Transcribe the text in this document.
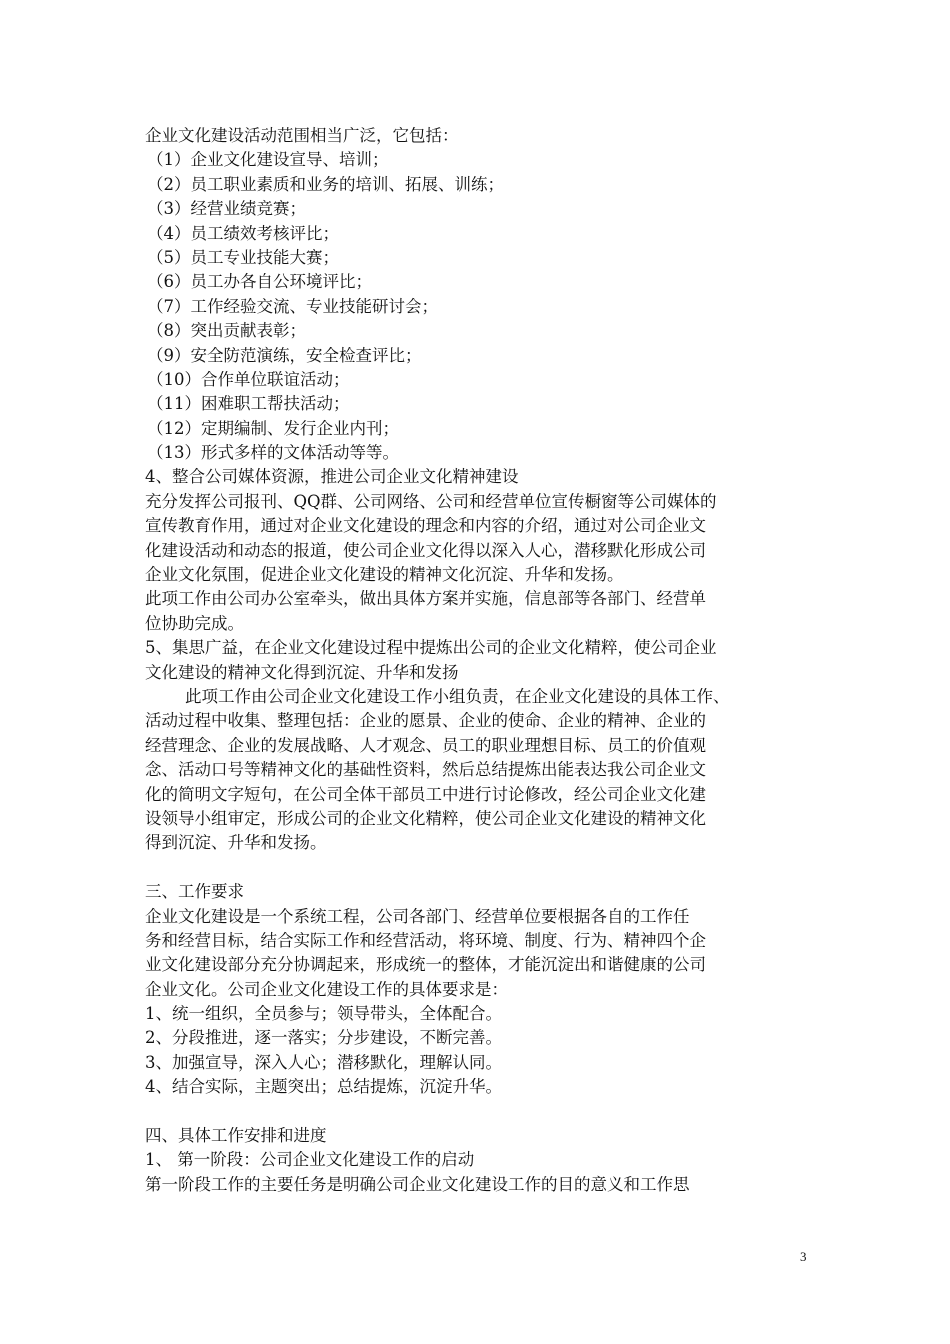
企业文化建设活动范围相当广泛，它包括：
（1）企业文化建设宣导、培训；
（2）员工职业素质和业务的培训、拓展、训练；
（3）经营业绩竞赛；
（4）员工绩效考核评比；
（5）员工专业技能大赛；
（6）员工办各自公环境评比；
（7）工作经验交流、专业技能研讨会；
（8）突出贡献表彰；
（9）安全防范演练，安全检查评比；
（10）合作单位联谊活动；
（11）困难职工帮扶活动；
（12）定期编制、发行企业内刊；
（13）形式多样的文体活动等等。
4、整合公司媒体资源，推进公司企业文化精神建设
充分发挥公司报刊、QQ群、公司网络、公司和经营单位宣传橱窗等公司媒体的
宣传教育作用，通过对企业文化建设的理念和内容的介绍，通过对公司企业文
化建设活动和动态的报道，使公司企业文化得以深入人心，潜移默化形成公司
企业文化氛围，促进企业文化建设的精神文化沉淀、升华和发扬。
此项工作由公司办公室牵头，做出具体方案并实施，信息部等各部门、经营单
位协助完成。
5、集思广益，在企业文化建设过程中提炼出公司的企业文化精粹，使公司企业
文化建设的精神文化得到沉淀、升华和发扬
此项工作由公司企业文化建设工作小组负责，在企业文化建设的具体工作、
活动过程中收集、整理包括：企业的愿景、企业的使命、企业的精神、企业的
经营理念、企业的发展战略、人才观念、员工的职业理想目标、员工的价值观
念、活动口号等精神文化的基础性资料，然后总结提炼出能表达我公司企业文
化的简明文字短句，在公司全体干部员工中进行讨论修改，经公司企业文化建
设领导小组审定，形成公司的企业文化精粹，使公司企业文化建设的精神文化
得到沉淀、升华和发扬。
三、工作要求
企业文化建设是一个系统工程，公司各部门、经营单位要根据各自的工作任
务和经营目标，结合实际工作和经营活动，将环境、制度、行为、精神四个企
业文化建设部分充分协调起来，形成统一的整体，才能沉淀出和谐健康的公司
企业文化。公司企业文化建设工作的具体要求是：
1、统一组织，全员参与；领导带头，全体配合。
2、分段推进，逐一落实；分步建设，不断完善。
3、加强宣导，深入人心；潜移默化，理解认同。
4、结合实际，主题突出；总结提炼，沉淀升华。
四、具体工作安排和进度
1、 第一阶段：公司企业文化建设工作的启动
第一阶段工作的主要任务是明确公司企业文化建设工作的目的意义和工作思
3
